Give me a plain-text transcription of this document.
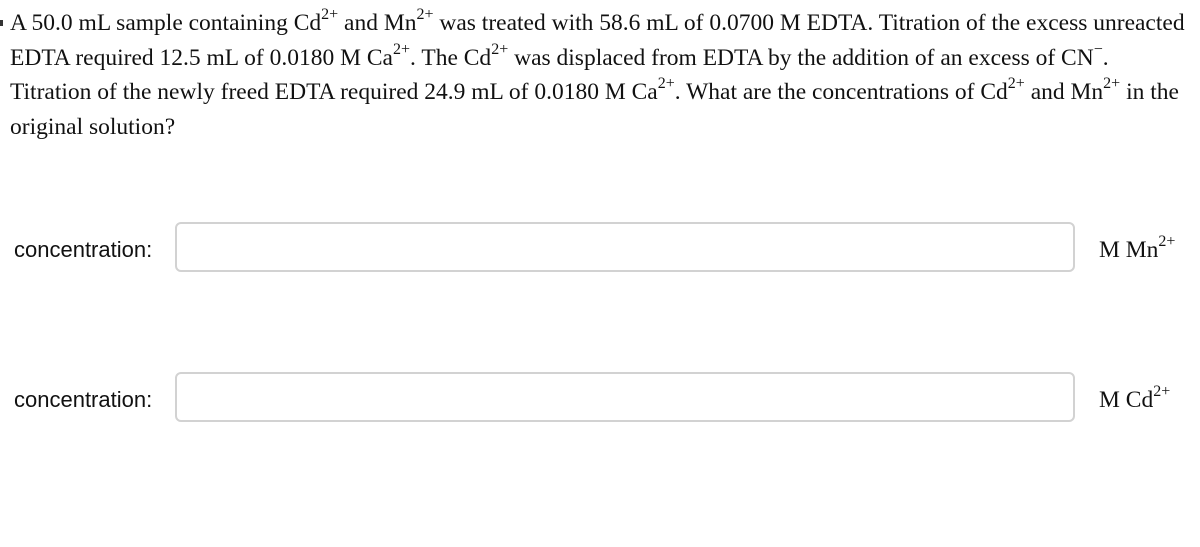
A 50.0 mL sample containing $Cd^{2+}$ and $Mn^{2+}$ was treated with 58.6 mL of 0.0700 M EDTA. Titration of the excess unreacted EDTA required 12.5 mL of 0.0180 M $Ca^{2+}$. The $Cd^{2+}$ was displaced from EDTA by the addition of an excess of CN−. Titration of the newly freed EDTA required 24.9 mL of 0.0180 M $Ca^{2+}$. What are the concentrations of $Cd^{2+}$ and $Mn^{2+}$ in the original solution?

concentration:	M $Mn^{2+}$
concentration:	M $Cd^{2+}$
